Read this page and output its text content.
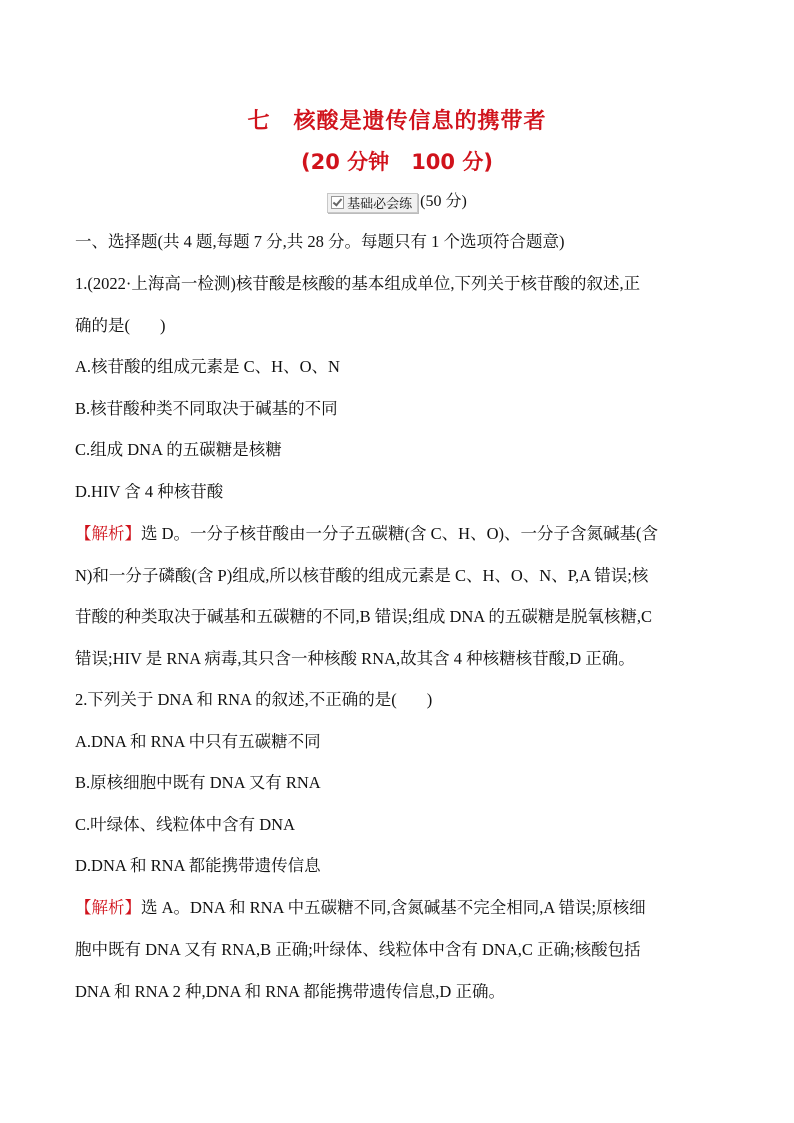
七　核酸是遗传信息的携带者
(20 分钟 100 分)
基础必会练 (50 分)
一、选择题(共 4 题,每题 7 分,共 28 分。每题只有 1 个选项符合题意)
1.(2022·上海高一检测)核苷酸是核酸的基本组成单位,下列关于核苷酸的叙述,正
确的是( )
A.核苷酸的组成元素是 C、H、O、N
B.核苷酸种类不同取决于碱基的不同
C.组成 DNA 的五碳糖是核糖
D.HIV 含 4 种核苷酸
【解析】选 D。一分子核苷酸由一分子五碳糖(含 C、H、O)、一分子含氮碱基(含
N)和一分子磷酸(含 P)组成,所以核苷酸的组成元素是 C、H、O、N、P,A 错误;核
苷酸的种类取决于碱基和五碳糖的不同,B 错误;组成 DNA 的五碳糖是脱氧核糖,C
错误;HIV 是 RNA 病毒,其只含一种核酸 RNA,故其含 4 种核糖核苷酸,D 正确。
2.下列关于 DNA 和 RNA 的叙述,不正确的是( )
A.DNA 和 RNA 中只有五碳糖不同
B.原核细胞中既有 DNA 又有 RNA
C.叶绿体、线粒体中含有 DNA
D.DNA 和 RNA 都能携带遗传信息
【解析】选 A。DNA 和 RNA 中五碳糖不同,含氮碱基不完全相同,A 错误;原核细
胞中既有 DNA 又有 RNA,B 正确;叶绿体、线粒体中含有 DNA,C 正确;核酸包括
DNA 和 RNA 2 种,DNA 和 RNA 都能携带遗传信息,D 正确。
